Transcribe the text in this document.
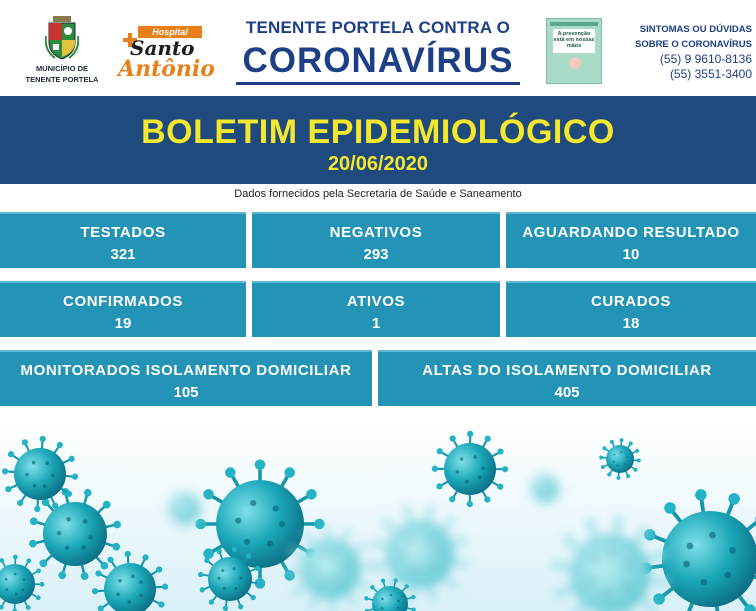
MUNICÍPIO DE
TENENTE PORTELA
Hospital
Santo
Antônio
TENENTE PORTELA CONTRA O
CORONAVÍRUS
A prevenção está em nossas mãos
SINTOMAS OU DÚVIDAS
SOBRE O CORONAVÍRUS
(55) 9 9610-8136
(55) 3551-3400
BOLETIM EPIDEMIOLÓGICO
20/06/2020
Dados fornecidos pela Secretaria de Saúde e Saneamento
TESTADOS
321
NEGATIVOS
293
AGUARDANDO RESULTADO
10
CONFIRMADOS
19
ATIVOS
1
CURADOS
18
MONITORADOS ISOLAMENTO DOMICILIAR
105
ALTAS DO ISOLAMENTO DOMICILIAR
405
